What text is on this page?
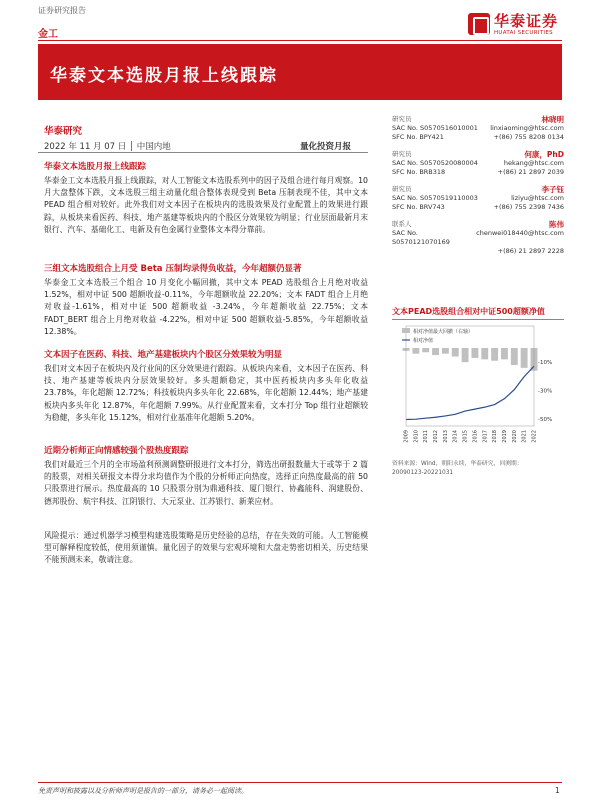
证券研究报告
华泰证券
HUATAI SECURITIES
金工
华泰文本选股月报上线跟踪
华泰研究
2022 年 11 月 07 日 │ 中国内地	量化投资月报
华泰文本选股月报上线跟踪
华泰金工文本选股月报上线跟踪，对人工智能文本选股系列中的因子及组合进行每月观察。10 月大盘整体下跌，文本选股三组主动量化组合整体表现受到 Beta 压制表现不佳，其中文本 PEAD 组合相对较好。此外我们对文本因子在板块内的选股效果及行业配置上的效果进行跟踪，从板块来看医药、科技、地产基建等板块内的个股区分效果较为明显；行业层面最新月末银行、汽车、基础化工、电新及有色金属行业整体文本得分靠前。
三组文本选股组合上月受 Beta 压制均录得负收益，今年超额仍显著
华泰金工文本选股三个组合 10 月变化小幅回撤，其中文本 PEAD 选股组合上月绝对收益 1.52%，相对中证 500 超额收益-0.11%，今年超额收益 22.20%；文本 FADT 组合上月绝对收益-1.61%，相对中证 500 超额收益 -3.24%，今年超额收益 22.75%；文本 FADT_BERT 组合上月绝对收益 -4.22%，相对中证 500 超额收益-5.85%，今年超额收益 12.38%。
文本因子在医药、科技、地产基建板块内个股区分效果较为明显
我们对文本因子在板块内及行业间的区分效果进行跟踪。从板块内来看，文本因子在医药、科技、地产基建等板块内分层效果较好。多头超额稳定，其中医药板块内多头年化收益 23.78%，年化超额 12.72%；科技板块内多头年化 22.68%，年化超额 12.44%；地产基建板块内多头年化 12.87%，年化超额 7.99%。从行业配置来看，文本打分 Top 组行业超额较为稳健，多头年化 15.12%，相对行业基准年化超额 5.20%。
近期分析师正向情感较强个股热度跟踪
我们对最近三个月的全市场盈利预测调整研报进行文本打分，筛选出研报数量大于或等于 2 篇的股票，对相关研报文本得分求均值作为个股的分析师正向热度，选择正向热度最高的前 50 只股票进行展示。热度最高的 10 只股票分别为鼎通科技、厦门银行、协鑫能科、润建股份、德邦股份、航宇科技、江阴银行、大元泵业、江苏银行、新莱应材。
风险提示：通过机器学习模型构建选股策略是历史经验的总结，存在失效的可能。人工智能模型可解释程度较低，使用须谨慎。量化因子的效果与宏观环境和大盘走势密切相关，历史结果不能预测未来，敬请注意。
研究员	林晓明
SAC No. S0570516010001 linxiaoming@htsc.com
SFC No. BPY421	+(86) 755 8208 0134
研究员	何康，PhD
SAC No. S0570520080004	hekang@htsc.com
SFC No. BRB318	+(86) 21 2897 2039
研究员	李子钰
SAC No. S0570519110003	liziyu@htsc.com
SFC No. BRV743	+(86) 755 2398 7436
联系人	陈伟
SAC No. S0570121070169
chenwei018440@htsc.com
+(86) 21 2897 2228
文本PEAD选股组合相对中证500超额净值
2009 2010 2011 2012 2013 2014 2015 2016 2017 2018 2019 2020 2021 2022
-10%
-30%
-50%
相对净值最大回撤（右轴）
相对净值
资料来源：Wind，朝阳永续，华泰研究，回测期：
20090123-20221031
免责声明和披露以及分析师声明是报告的一部分，请务必一起阅读。	1
